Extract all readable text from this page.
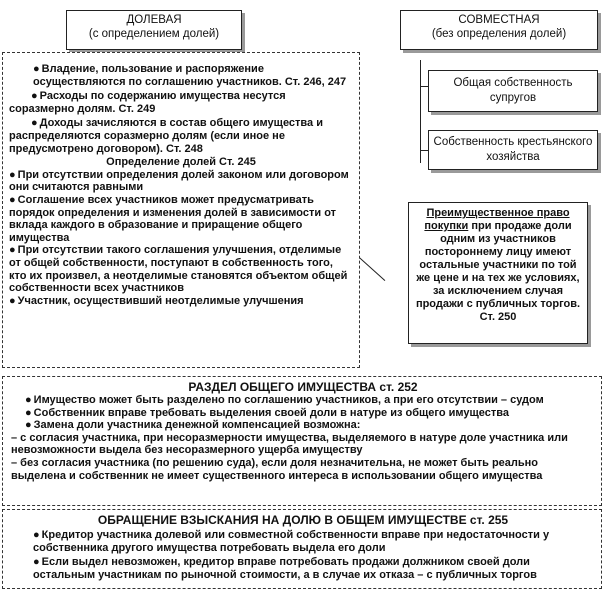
ДОЛЕВАЯ
(с определением долей)
СОВМЕСТНАЯ
(без определения долей)

● Владение, пользование и распоряжение осуществляются по соглашению участников. Ст. 246, 247

● Расходы по содержанию имущества несутся соразмерно долям. Ст. 249

● Доходы зачисляются в состав общего имущества и распределяются соразмерно долям (если иное не предусмотрено договором). Ст. 248

Определение долей Ст. 245

● При отсутствии определения долей законом или договором они считаются равными

● Соглашение всех участников может предусматривать порядок определения и изменения долей в зависимости от вклада каждого в образование и приращение общего имущества

● При отсутствии такого соглашения улучшения, отделимые от общей собственности, поступают в собственность того, кто их произвел, а неотделимые становятся объектом общей собственности всех участников

● Участник, осуществивший неотделимые улучшения

Общая собственность супругов
Собственность крестьянского хозяйства
Преимущественное право покупки при продаже доли одним из участников постороннему лицу имеют остальные участники по той же цене и на тех же условиях, за исключением случая продажи с публичных торгов. Ст. 250
РАЗДЕЛ ОБЩЕГО ИМУЩЕСТВА ст. 252

● Имущество может быть разделено по соглашению участников, а при его отсутствии – судом

● Собственник вправе требовать выделения своей доли в натуре из общего имущества

● Замена доли участника денежной компенсацией возможна:

– с согласия участника, при несоразмерности имущества, выделяемого в натуре доле участника или невозможности выдела без несоразмерного ущерба имуществу

– без согласия участника (по решению суда), если доля незначительна, не может быть реально выделена и собственник не имеет существенного интереса в использовании общего имущества

ОБРАЩЕНИЕ ВЗЫСКАНИЯ НА ДОЛЮ В ОБЩЕМ ИМУЩЕСТВЕ ст. 255

● Кредитор участника долевой или совместной собственности вправе при недостаточности у собственника другого имущества потребовать выдела его доли

● Если выдел невозможен, кредитор вправе потребовать продажи должником своей доли остальным участникам по рыночной стоимости, а в случае их отказа – с публичных торгов
